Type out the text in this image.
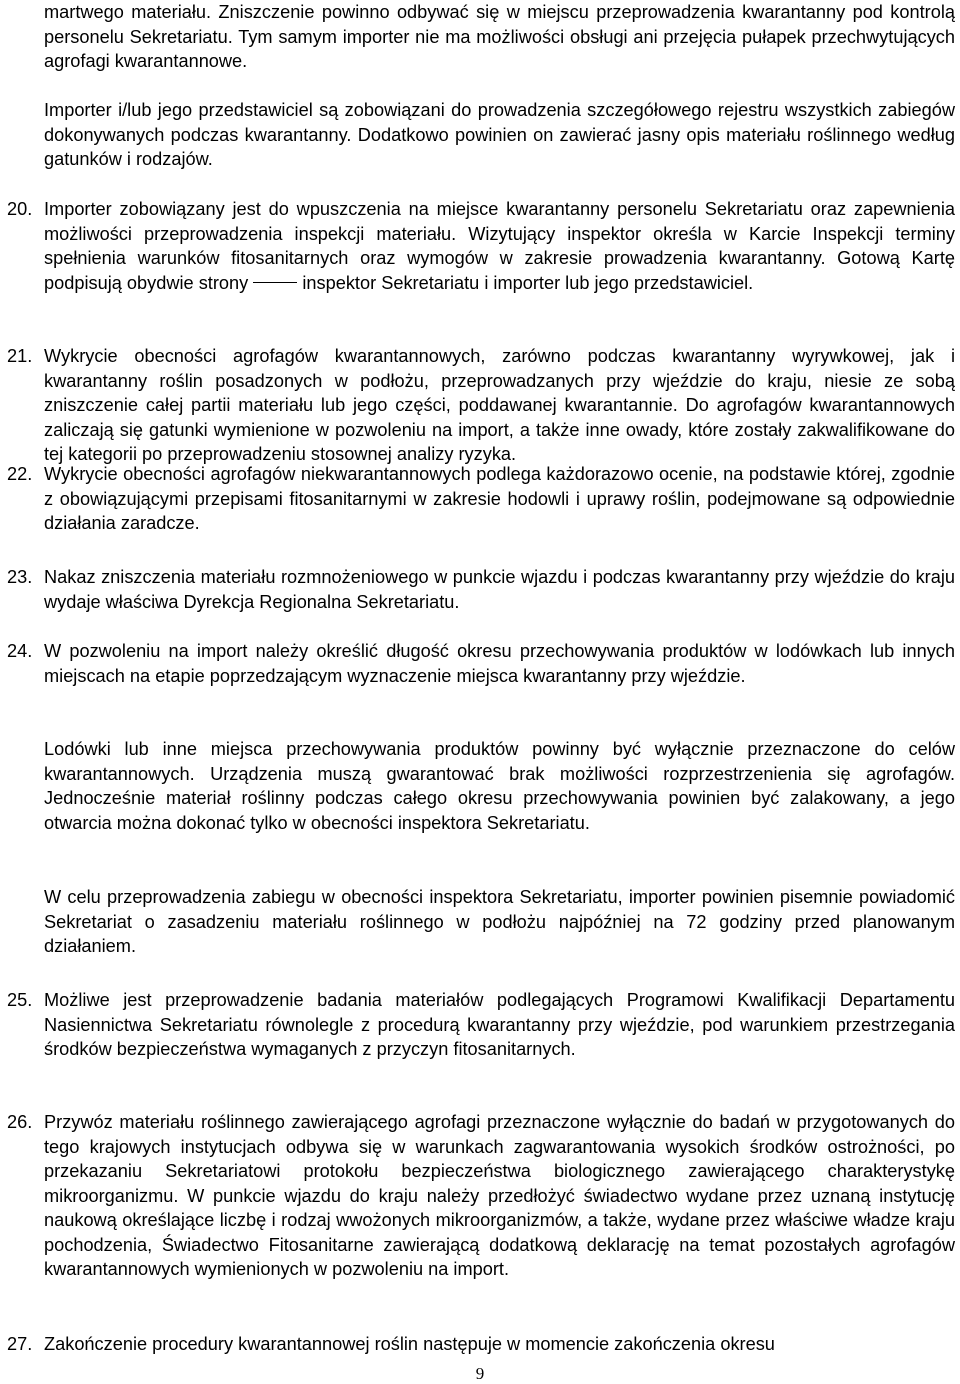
martwego materiału. Zniszczenie powinno odbywać się w miejscu przeprowadzenia kwarantanny pod kontrolą personelu Sekretariatu. Tym samym importer nie ma możliwości obsługi ani przejęcia pułapek przechwytujących agrofagi kwarantannowe.

Importer i/lub jego przedstawiciel są zobowiązani do prowadzenia szczegółowego rejestru wszystkich zabiegów dokonywanych podczas kwarantanny. Dodatkowo powinien on zawierać jasny opis materiału roślinnego według gatunków i rodzajów.

20. Importer zobowiązany jest do wpuszczenia na miejsce kwarantanny personelu Sekretariatu oraz zapewnienia możliwości przeprowadzenia inspekcji materiału. Wizytujący inspektor określa w Karcie Inspekcji terminy spełnienia warunków fitosanitarnych oraz wymogów w zakresie prowadzenia kwarantanny. Gotową Kartę podpisują obydwie strony	inspektor Sekretariatu i importer lub jego przedstawiciel.

21. Wykrycie obecności agrofagów kwarantannowych, zarówno podczas kwarantanny wyrywkowej, jak i kwarantanny roślin posadzonych w podłożu, przeprowadzanych przy wjeździe do kraju, niesie ze sobą zniszczenie całej partii materiału lub jego części, poddawanej kwarantannie. Do agrofagów kwarantannowych zaliczają się gatunki wymienione w pozwoleniu na import, a także inne owady, które zostały zakwalifikowane do tej kategorii po przeprowadzeniu stosownej analizy ryzyka.

22. Wykrycie obecności agrofagów niekwarantannowych podlega każdorazowo ocenie, na podstawie której, zgodnie z obowiązującymi przepisami fitosanitarnymi w zakresie hodowli i uprawy roślin, podejmowane są odpowiednie działania zaradcze.

23. Nakaz zniszczenia materiału rozmnożeniowego w punkcie wjazdu i podczas kwarantanny przy wjeździe do kraju wydaje właściwa Dyrekcja Regionalna Sekretariatu.

24. W pozwoleniu na import należy określić długość okresu przechowywania produktów w lodówkach lub innych miejscach na etapie poprzedzającym wyznaczenie miejsca kwarantanny przy wjeździe.

Lodówki lub inne miejsca przechowywania produktów powinny być wyłącznie przeznaczone do celów kwarantannowych. Urządzenia muszą gwarantować brak możliwości rozprzestrzenienia się agrofagów. Jednocześnie materiał roślinny podczas całego okresu przechowywania powinien być zalakowany, a jego otwarcia można dokonać tylko w obecności inspektora Sekretariatu.

W celu przeprowadzenia zabiegu w obecności inspektora Sekretariatu, importer powinien pisemnie powiadomić Sekretariat o zasadzeniu materiału roślinnego w podłożu najpóźniej na 72 godziny przed planowanym działaniem.

25. Możliwe jest przeprowadzenie badania materiałów podlegających Programowi Kwalifikacji Departamentu Nasiennictwa Sekretariatu równolegle z procedurą kwarantanny przy wjeździe, pod warunkiem przestrzegania środków bezpieczeństwa wymaganych z przyczyn fitosanitarnych.

26. Przywóz materiału roślinnego zawierającego agrofagi przeznaczone wyłącznie do badań w przygotowanych do tego krajowych instytucjach odbywa się w warunkach zagwarantowania wysokich środków ostrożności, po przekazaniu Sekretariatowi protokołu bezpieczeństwa biologicznego zawierającego charakterystykę mikroorganizmu. W punkcie wjazdu do kraju należy przedłożyć świadectwo wydane przez uznaną instytucję naukową określające liczbę i rodzaj wwożonych mikroorganizmów, a także, wydane przez właściwe władze kraju pochodzenia, Świadectwo Fitosanitarne zawierającą dodatkową deklarację na temat pozostałych agrofagów kwarantannowych wymienionych w pozwoleniu na import.

27. Zakończenie procedury kwarantannowej roślin następuje w momencie zakończenia okresu

9
